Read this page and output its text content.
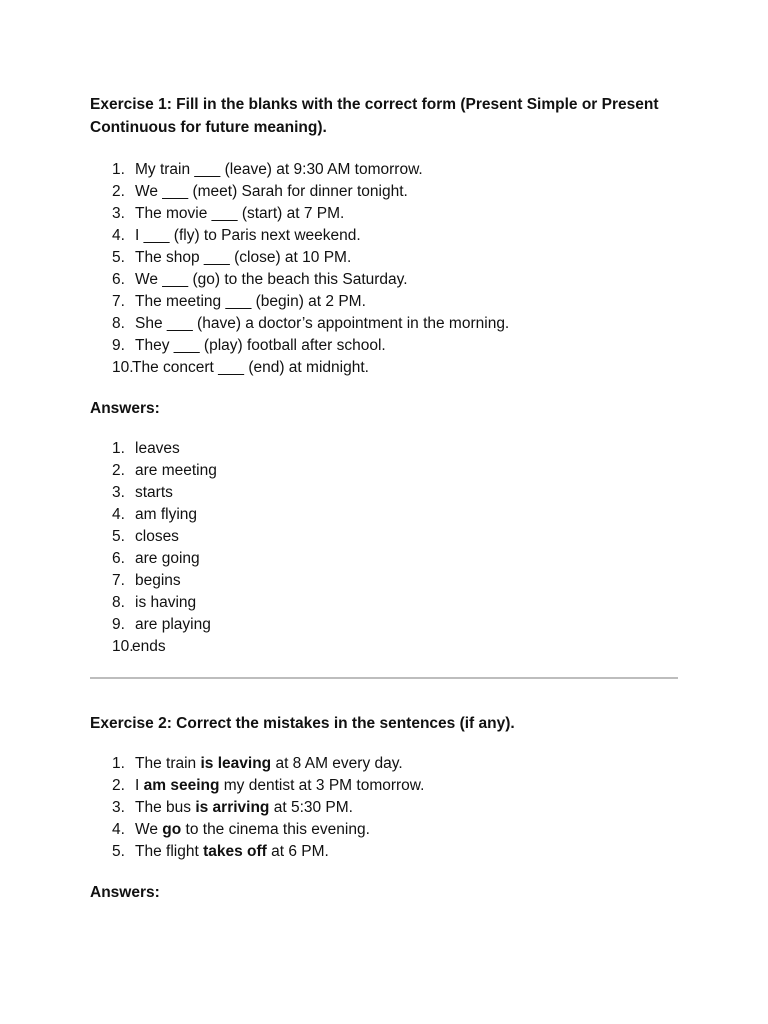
Exercise 1: Fill in the blanks with the correct form (Present Simple or Present

Continuous for future meaning).

1. My train ___ (leave) at 9:30 AM tomorrow.
2. We ___ (meet) Sarah for dinner tonight.
3. The movie ___ (start) at 7 PM.
4. I ___ (fly) to Paris next weekend.
5. The shop ___ (close) at 10 PM.
6. We ___ (go) to the beach this Saturday.
7. The meeting ___ (begin) at 2 PM.
8. She ___ (have) a doctor’s appointment in the morning.
9. They ___ (play) football after school.
10.
The concert ___ (end) at midnight.

Answers:

1. leaves
2. are meeting
3. starts
4. am flying
5. closes
6. are going
7. begins
8. is having
9. are playing
10.
ends

Exercise 2: Correct the mistakes in the sentences (if any).

1. The train is leaving at 8 AM every day.
2. I am seeing my dentist at 3 PM tomorrow.
3. The bus is arriving at 5:30 PM.
4. We go to the cinema this evening.
5. The flight takes off at 6 PM.

Answers:
